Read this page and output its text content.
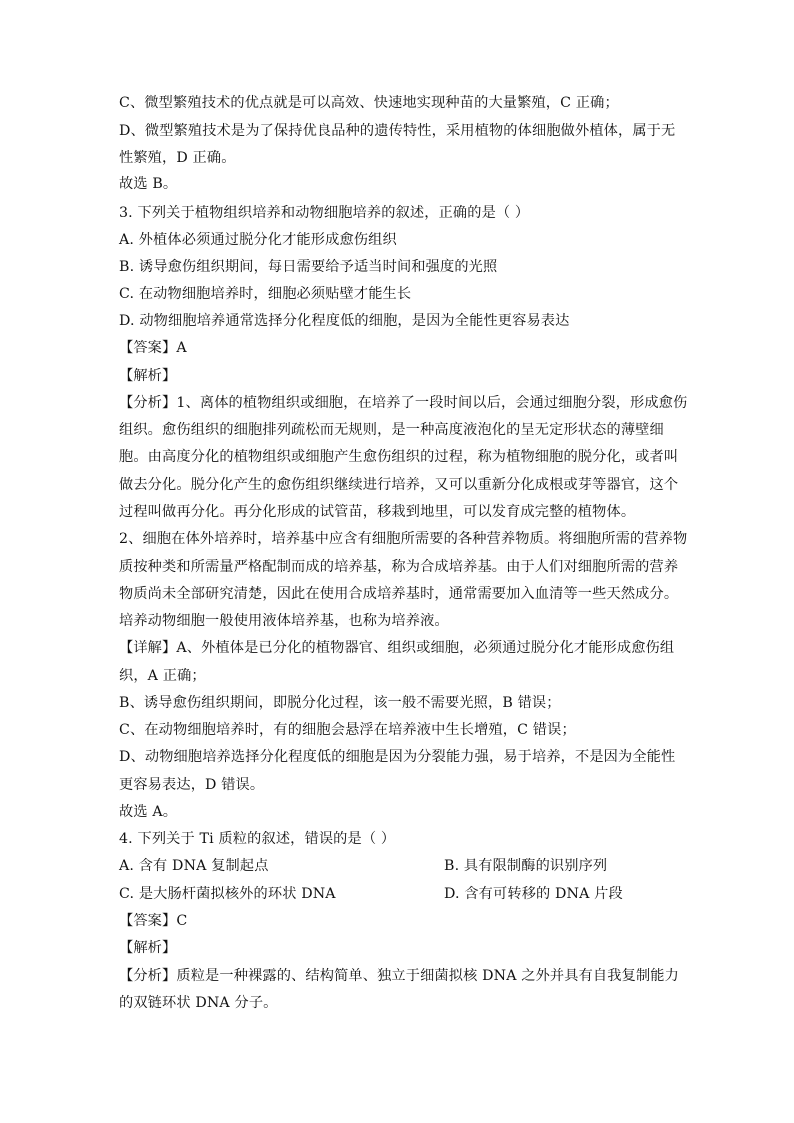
C、微型繁殖技术的优点就是可以高效、快速地实现种苗的大量繁殖，C 正确；
D、微型繁殖技术是为了保持优良品种的遗传特性，采用植物的体细胞做外植体，属于无
性繁殖，D 正确。
故选 B。
3. 下列关于植物组织培养和动物细胞培养的叙述，正确的是（ ）
A. 外植体必须通过脱分化才能形成愈伤组织
B. 诱导愈伤组织期间，每日需要给予适当时间和强度的光照
C. 在动物细胞培养时，细胞必须贴壁才能生长
D. 动物细胞培养通常选择分化程度低的细胞，是因为全能性更容易表达
【答案】A
【解析】
【分析】1、离体的植物组织或细胞，在培养了一段时间以后，会通过细胞分裂，形成愈伤
组织。愈伤组织的细胞排列疏松而无规则，是一种高度液泡化的呈无定形状态的薄壁细
胞。由高度分化的植物组织或细胞产生愈伤组织的过程，称为植物细胞的脱分化，或者叫
做去分化。脱分化产生的愈伤组织继续进行培养，又可以重新分化成根或芽等器官，这个
过程叫做再分化。再分化形成的试管苗，移栽到地里，可以发育成完整的植物体。
2、细胞在体外培养时，培养基中应含有细胞所需要的各种营养物质。将细胞所需的营养物
质按种类和所需量严格配制而成的培养基，称为合成培养基。由于人们对细胞所需的营养
物质尚未全部研究清楚，因此在使用合成培养基时，通常需要加入血清等一些天然成分。
培养动物细胞一般使用液体培养基，也称为培养液。
【详解】A、外植体是已分化的植物器官、组织或细胞，必须通过脱分化才能形成愈伤组
织，A 正确；
B、诱导愈伤组织期间，即脱分化过程，该一般不需要光照，B 错误；
C、在动物细胞培养时，有的细胞会悬浮在培养液中生长增殖，C 错误；
D、动物细胞培养选择分化程度低的细胞是因为分裂能力强，易于培养，不是因为全能性
更容易表达，D 错误。
故选 A。
4. 下列关于 Ti 质粒的叙述，错误的是（ ）
A. 含有 DNA 复制起点	B. 具有限制酶的识别序列
C. 是大肠杆菌拟核外的环状 DNA	D. 含有可转移的 DNA 片段
【答案】C
【解析】
【分析】质粒是一种裸露的、结构简单、独立于细菌拟核 DNA 之外并具有自我复制能力
的双链环状 DNA 分子。
